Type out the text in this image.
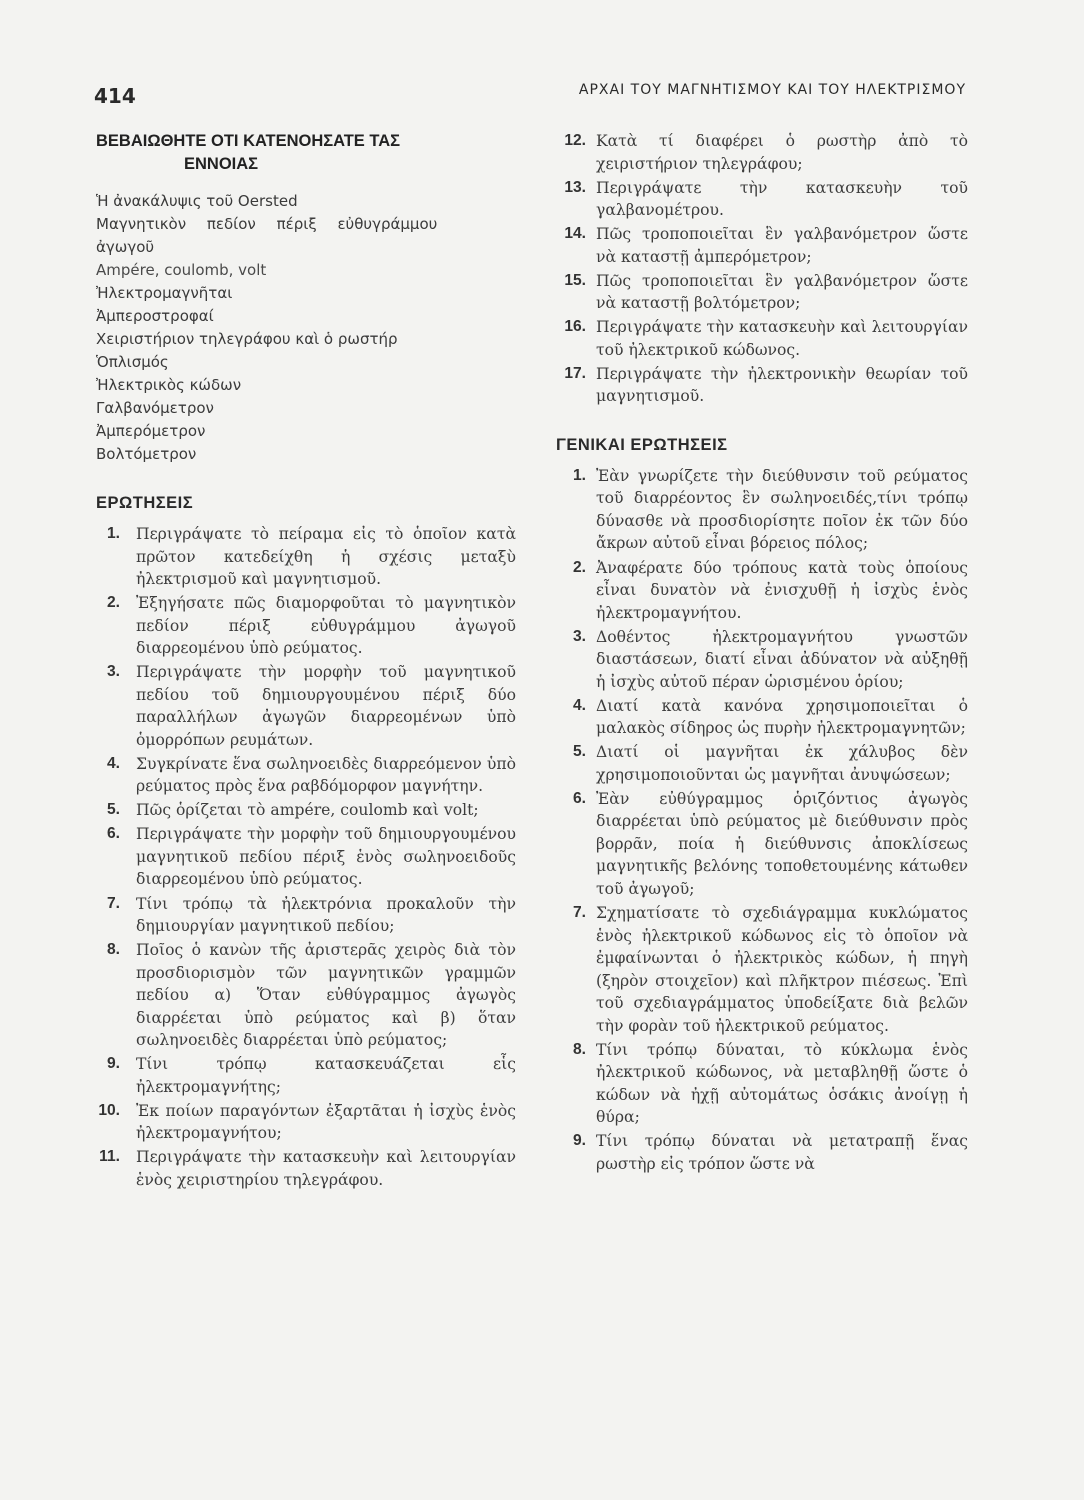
414	ΑΡΧΑΙ ΤΟΥ ΜΑΓΝΗΤΙΣΜΟΥ ΚΑΙ ΤΟΥ ΗΛΕΚΤΡΙΣΜΟΥ
ΒΕΒΑΙΩΘΗΤΕ ΟΤΙ ΚΑΤΕΝΟΗΣΑΤΕ ΤΑΣ
ΕΝΝΟΙΑΣ
Ἡ ἀνακάλυψις τοῦ Oersted
Μαγνητικὸν πεδίον πέριξ εὐθυγράμμου
ἀγωγοῦ
Ampére, coulomb, volt
Ἠλεκτρομαγνῆται
Ἀμπεροστροφαί
Χειριστήριον τηλεγράφου καὶ ὁ ρωστήρ
Ὁπλισμός
Ἠλεκτρικὸς κώδων
Γαλβανόμετρον
Ἀμπερόμετρον
Βολτόμετρον
ΕΡΩΤΗΣΕΙΣ
1. Περιγράψατε τὸ πείραμα εἰς τὸ ὁποῖον κατὰ πρῶτον κατεδείχθη ἡ σχέσις μεταξὺ ἠλεκτρισμοῦ καὶ μαγνητισμοῦ.
2. Ἐξηγήσατε πῶς διαμορφοῦται τὸ μαγνητικὸν πεδίον πέριξ εὐθυγράμμου ἀγωγοῦ διαρρεομένου ὑπὸ ρεύματος.
3. Περιγράψατε τὴν μορφὴν τοῦ μαγνητικοῦ πεδίου τοῦ δημιουργουμένου πέριξ δύο παραλλήλων ἀγωγῶν διαρρεομένων ὑπὸ ὁμορρόπων ρευμάτων.
4. Συγκρίνατε ἕνα σωληνοειδὲς διαρρεόμενον ὑπὸ ρεύματος πρὸς ἕνα ραβδόμορφον μαγνήτην.
5. Πῶς ὁρίζεται τὸ ampére, coulomb καὶ volt;
6. Περιγράψατε τὴν μορφὴν τοῦ δημιουργουμένου μαγνητικοῦ πεδίου πέριξ ἑνὸς σωληνοειδοῦς διαρρεομένου ὑπὸ ρεύματος.
7. Τίνι τρόπῳ τὰ ἠλεκτρόνια προκαλοῦν τὴν δημιουργίαν μαγνητικοῦ πεδίου;
8. Ποῖος ὁ κανὼν τῆς ἀριστερᾶς χειρὸς διὰ τὸν προσδιορισμὸν τῶν μαγνητικῶν γραμμῶν πεδίου α) Ὅταν εὐθύγραμμος ἀγωγὸς διαρρέεται ὑπὸ ρεύματος καὶ β) ὅταν σωληνοειδὲς διαρρέεται ὑπὸ ρεύματος;
9. Τίνι τρόπῳ κατασκευάζεται εἷς ἠλεκτρομαγνήτης;
10. Ἐκ ποίων παραγόντων ἐξαρτᾶται ἡ ἰσχὺς ἑνὸς ἠλεκτρομαγνήτου;
11. Περιγράψατε τὴν κατασκευὴν καὶ λειτουργίαν ἑνὸς χειριστηρίου τηλεγράφου.
12. Κατὰ τί διαφέρει ὁ ρωστὴρ ἀπὸ τὸ χειριστήριον τηλεγράφου;
13. Περιγράψατε τὴν κατασκευὴν τοῦ γαλβανομέτρου.
14. Πῶς τροποποιεῖται ἓν γαλβανόμετρον ὥστε νὰ καταστῇ ἀμπερόμετρον;
15. Πῶς τροποποιεῖται ἓν γαλβανόμετρον ὥστε νὰ καταστῇ βολτόμετρον;
16. Περιγράψατε τὴν κατασκευὴν καὶ λειτουργίαν τοῦ ἠλεκτρικοῦ κώδωνος.
17. Περιγράψατε τὴν ἠλεκτρονικὴν θεωρίαν τοῦ μαγνητισμοῦ.
ΓΕΝΙΚΑΙ ΕΡΩΤΗΣΕΙΣ
1. Ἐὰν γνωρίζετε τὴν διεύθυνσιν τοῦ ρεύματος τοῦ διαρρέοντος ἓν σωληνοειδές,τίνι τρόπῳ δύνασθε νὰ προσδιορίσητε ποῖον ἐκ τῶν δύο ἄκρων αὐτοῦ εἶναι βόρειος πόλος;
2. Ἀναφέρατε δύο τρόπους κατὰ τοὺς ὁποίους εἶναι δυνατὸν νὰ ἐνισχυθῇ ἡ ἰσχὺς ἑνὸς ἠλεκτρομαγνήτου.
3. Δοθέντος ἠλεκτρομαγνήτου γνωστῶν διαστάσεων, διατί εἶναι ἀδύνατον νὰ αὐξηθῇ ἡ ἰσχὺς αὐτοῦ πέραν ὡρισμένου ὁρίου;
4. Διατί κατὰ κανόνα χρησιμοποιεῖται ὁ μαλακὸς σίδηρος ὡς πυρὴν ἠλεκτρομαγνητῶν;
5. Διατί οἱ μαγνῆται ἐκ χάλυβος δὲν χρησιμοποιοῦνται ὡς μαγνῆται ἀνυψώσεων;
6. Ἐὰν εὐθύγραμμος ὁριζόντιος ἀγωγὸς διαρρέεται ὑπὸ ρεύματος μὲ διεύθυνσιν πρὸς βορρᾶν, ποία ἡ διεύθυνσις ἀποκλίσεως μαγνητικῆς βελόνης τοποθετουμένης κάτωθεν τοῦ ἀγωγοῦ;
7. Σχηματίσατε τὸ σχεδιάγραμμα κυκλώματος ἑνὸς ἠλεκτρικοῦ κώδωνος εἰς τὸ ὁποῖον νὰ ἐμφαίνωνται ὁ ἠλεκτρικὸς κώδων, ἡ πηγὴ (ξηρὸν στοιχεῖον) καὶ πλῆκτρον πιέσεως. Ἐπὶ τοῦ σχεδιαγράμματος ὑποδείξατε διὰ βελῶν τὴν φορὰν τοῦ ἠλεκτρικοῦ ρεύματος.
8. Τίνι τρόπῳ δύναται, τὸ κύκλωμα ἑνὸς ἠλεκτρικοῦ κώδωνος, νὰ μεταβληθῇ ὥστε ὁ κώδων νὰ ἠχῇ αὐτομάτως ὁσάκις ἀνοίγῃ ἡ θύρα;
9. Τίνι τρόπῳ δύναται νὰ μετατραπῇ ἕνας ρωστὴρ εἰς τρόπον ὥστε νὰ
